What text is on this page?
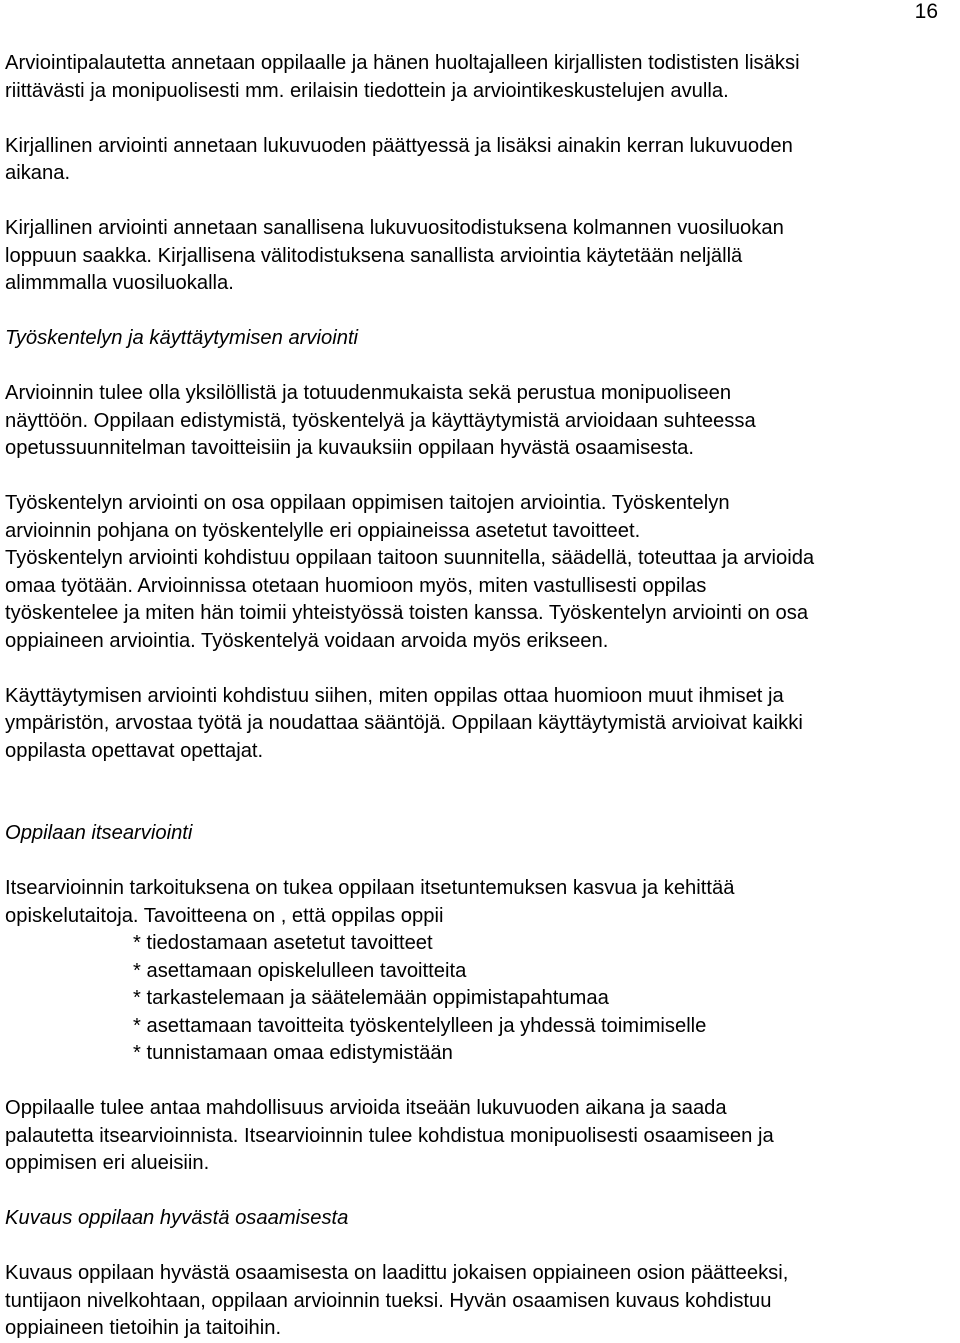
16
Arviointipalautetta annetaan oppilaalle ja hänen huoltajalleen kirjallisten todististen lisäksi
riittävästi ja monipuolisesti mm. erilaisin tiedottein ja arviointikeskustelujen avulla.
Kirjallinen arviointi annetaan lukuvuoden päättyessä ja lisäksi ainakin kerran lukuvuoden
aikana.
Kirjallinen arviointi annetaan sanallisena lukuvuositodistuksena kolmannen vuosiluokan
loppuun saakka. Kirjallisena välitodistuksena sanallista arviointia käytetään neljällä
alimmmalla vuosiluokalla.
Työskentelyn ja käyttäytymisen arviointi
Arvioinnin tulee olla yksilöllistä ja totuudenmukaista sekä perustua monipuoliseen
näyttöön. Oppilaan edistymistä, työskentelyä ja käyttäytymistä arvioidaan suhteessa
opetussuunnitelman tavoitteisiin ja kuvauksiin oppilaan hyvästä osaamisesta.
Työskentelyn arviointi on osa oppilaan oppimisen taitojen arviointia. Työskentelyn
arvioinnin pohjana on työskentelylle eri oppiaineissa asetetut tavoitteet.
Työskentelyn arviointi kohdistuu oppilaan taitoon suunnitella, säädellä, toteuttaa ja arvioida
omaa työtään. Arvioinnissa otetaan huomioon myös, miten vastullisesti oppilas
työskentelee ja miten hän toimii yhteistyössä toisten kanssa. Työskentelyn arviointi on osa
oppiaineen arviointia. Työskentelyä voidaan arvoida myös erikseen.
Käyttäytymisen arviointi kohdistuu siihen, miten oppilas ottaa huomioon muut ihmiset ja
ympäristön, arvostaa työtä ja noudattaa sääntöjä. Oppilaan käyttäytymistä arvioivat kaikki
oppilasta opettavat opettajat.
Oppilaan itsearviointi
Itsearvioinnin tarkoituksena on tukea oppilaan itsetuntemuksen kasvua ja kehittää
opiskelutaitoja. Tavoitteena on , että oppilas oppii
* tiedostamaan asetetut tavoitteet
* asettamaan opiskelulleen tavoitteita
* tarkastelemaan ja säätelemään oppimistapahtumaa
* asettamaan tavoitteita työskentelylleen ja yhdessä toimimiselle
* tunnistamaan omaa edistymistään
Oppilaalle tulee antaa mahdollisuus arvioida itseään lukuvuoden aikana ja saada
palautetta itsearvioinnista. Itsearvioinnin tulee kohdistua monipuolisesti osaamiseen ja
oppimisen eri alueisiin.
Kuvaus oppilaan hyvästä osaamisesta
Kuvaus oppilaan hyvästä osaamisesta on laadittu jokaisen oppiaineen osion päätteeksi,
tuntijaon nivelkohtaan, oppilaan arvioinnin tueksi. Hyvän osaamisen kuvaus kohdistuu
oppiaineen tietoihin ja taitoihin.
